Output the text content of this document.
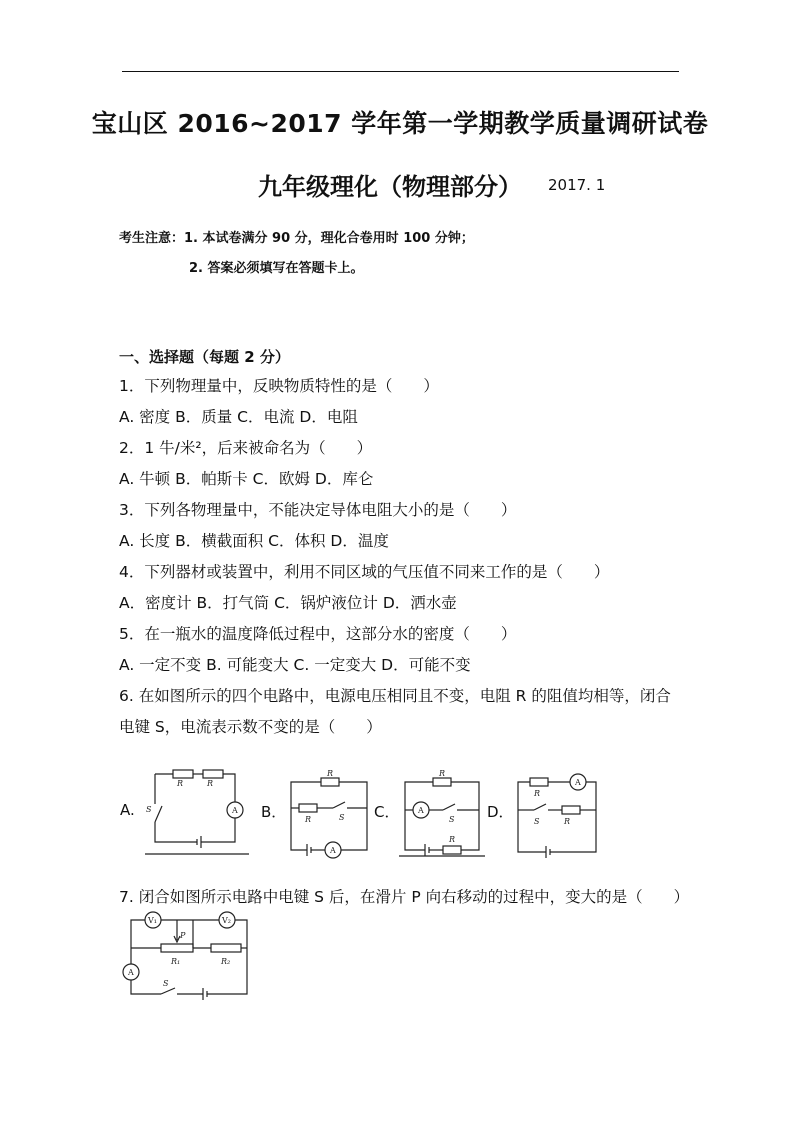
宝山区 2016~2017 学年第一学期教学质量调研试卷
九年级理化（物理部分） 2017. 1
考生注意：1. 本试卷满分 90 分，理化合卷用时 100 分钟；
2. 答案必须填写在答题卡上。
一、选择题（每题 2 分）
1．下列物理量中，反映物质特性的是（　　）
A. 密度 B．质量 C．电流 D．电阻
2．1 牛/米²，后来被命名为（　　）
A. 牛顿 B．帕斯卡 C．欧姆 D．库仑
3．下列各物理量中，不能决定导体电阻大小的是（　　）
A. 长度 B．横截面积 C．体积 D．温度
4．下列器材或装置中，利用不同区域的气压值不同来工作的是（　　）
A．密度计 B．打气筒 C．锅炉液位计 D．洒水壶
5．在一瓶水的温度降低过程中，这部分水的密度（　　）
A. 一定不变 B. 可能变大 C. 一定变大 D．可能不变
6. 在如图所示的四个电路中，电源电压相同且不变，电阻 R 的阻值均相等，闭合
电键 S，电流表示数不变的是（　　）
A.	B．	C．	D．
R	R
S	A
R
R	S
A
R
R
S
A
R
R
S
A
7. 闭合如图所示电路中电键 S 后，在滑片 P 向右移动的过程中，变大的是（　　）
V₁	V₂
P
R₁	R₂
A
S
